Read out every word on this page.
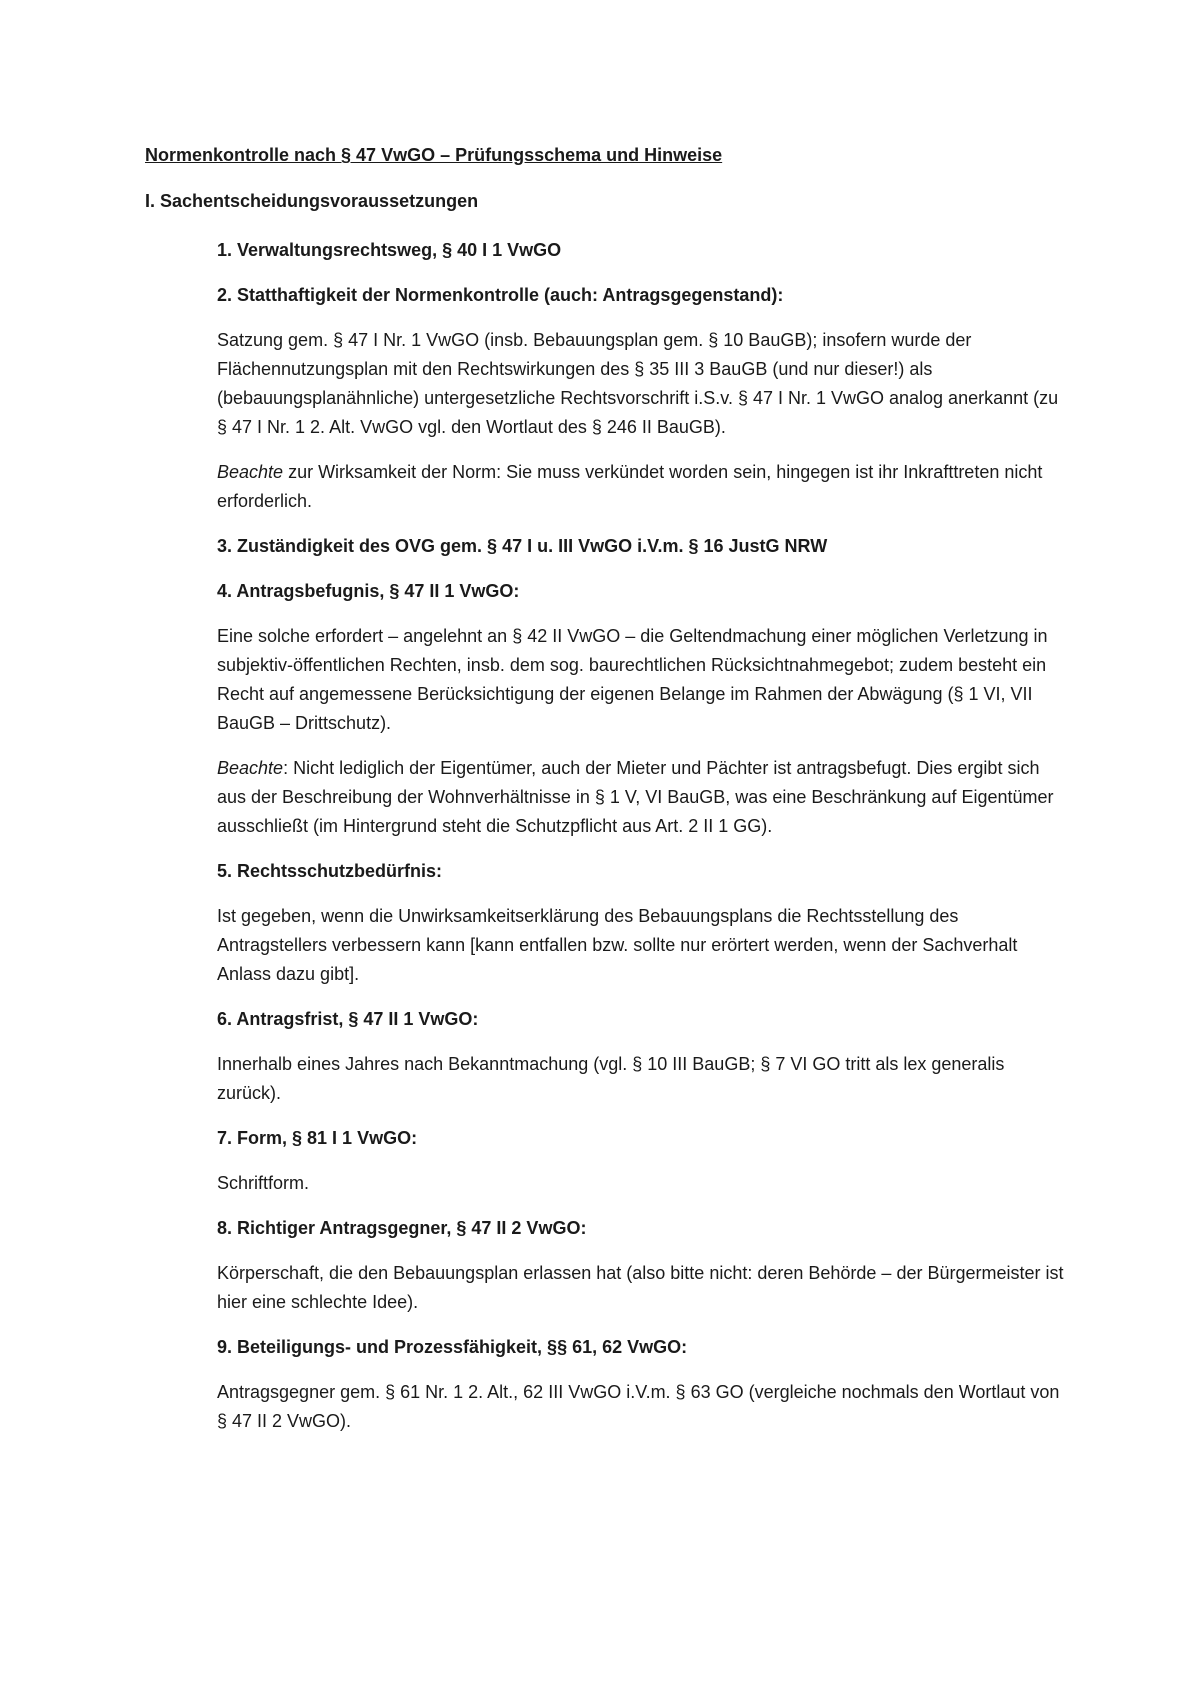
Normenkontrolle nach § 47 VwGO – Prüfungsschema und Hinweise
I. Sachentscheidungsvoraussetzungen
1. Verwaltungsrechtsweg, § 40 I 1 VwGO
2. Statthaftigkeit der Normenkontrolle (auch: Antragsgegenstand):
Satzung gem. § 47 I Nr. 1 VwGO (insb. Bebauungsplan gem. § 10 BauGB); insofern wurde der Flächennutzungsplan mit den Rechtswirkungen des § 35 III 3 BauGB (und nur dieser!) als (bebauungsplanähnliche) untergesetzliche Rechtsvorschrift i.S.v. § 47 I Nr. 1 VwGO analog anerkannt (zu § 47 I Nr. 1 2. Alt. VwGO vgl. den Wortlaut des § 246 II BauGB).
Beachte zur Wirksamkeit der Norm: Sie muss verkündet worden sein, hingegen ist ihr Inkrafttreten nicht erforderlich.
3. Zuständigkeit des OVG gem. § 47 I u. III VwGO i.V.m. § 16 JustG NRW
4. Antragsbefugnis, § 47 II 1 VwGO:
Eine solche erfordert – angelehnt an § 42 II VwGO – die Geltendmachung einer möglichen Verletzung in subjektiv-öffentlichen Rechten, insb. dem sog. baurechtlichen Rücksichtnahmegebot; zudem besteht ein Recht auf angemessene Berücksichtigung der eigenen Belange im Rahmen der Abwägung (§ 1 VI, VII BauGB – Drittschutz).
Beachte: Nicht lediglich der Eigentümer, auch der Mieter und Pächter ist antragsbefugt. Dies ergibt sich aus der Beschreibung der Wohnverhältnisse in § 1 V, VI BauGB, was eine Beschränkung auf Eigentümer ausschließt (im Hintergrund steht die Schutzpflicht aus Art. 2 II 1 GG).
5. Rechtsschutzbedürfnis:
Ist gegeben, wenn die Unwirksamkeitserklärung des Bebauungsplans die Rechtsstellung des Antragstellers verbessern kann [kann entfallen bzw. sollte nur erörtert werden, wenn der Sachverhalt Anlass dazu gibt].
6. Antragsfrist, § 47 II 1 VwGO:
Innerhalb eines Jahres nach Bekanntmachung (vgl. § 10 III BauGB; § 7 VI GO tritt als lex generalis zurück).
7. Form, § 81 I 1 VwGO:
Schriftform.
8. Richtiger Antragsgegner, § 47 II 2 VwGO:
Körperschaft, die den Bebauungsplan erlassen hat (also bitte nicht: deren Behörde – der Bürgermeister ist hier eine schlechte Idee).
9. Beteiligungs- und Prozessfähigkeit, §§ 61, 62 VwGO:
Antragsgegner gem. § 61 Nr. 1 2. Alt., 62 III VwGO i.V.m. § 63 GO (vergleiche nochmals den Wortlaut von § 47 II 2 VwGO).
